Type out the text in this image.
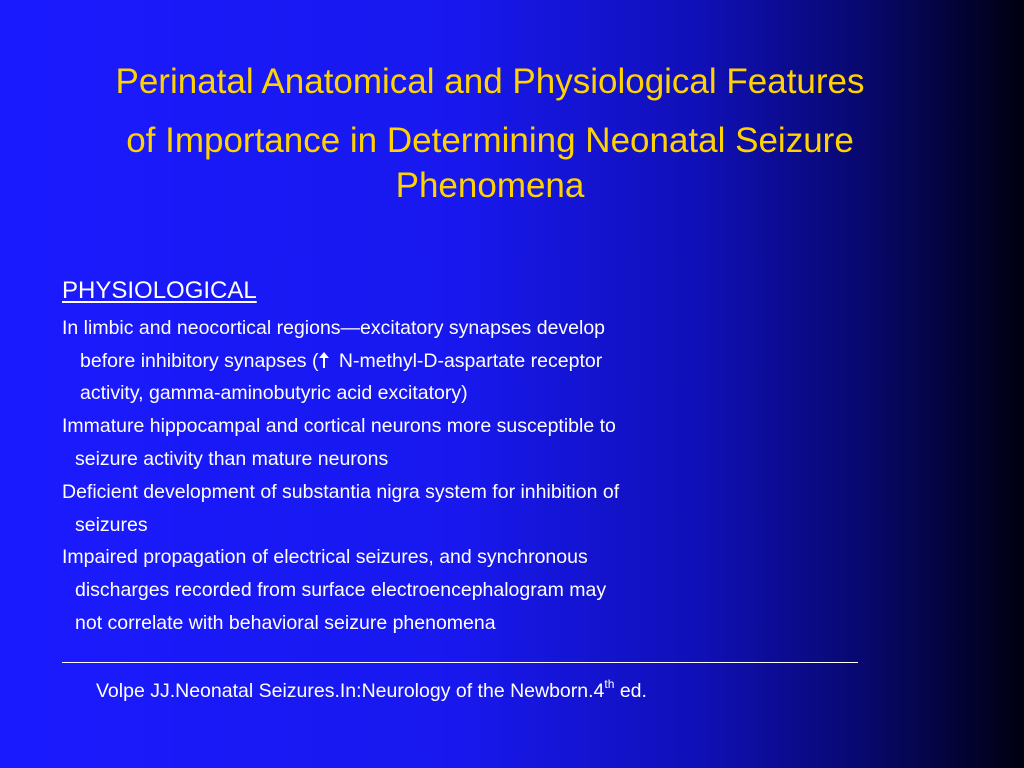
Perinatal Anatomical and Physiological Features
of Importance in Determining Neonatal Seizure
Phenomena
PHYSIOLOGICAL
In limbic and neocortical regions—excitatory synapses develop
before inhibitory synapses (
N-methyl-D-aspartate receptor
activity, gamma-aminobutyric acid excitatory)
Immature hippocampal and cortical neurons more susceptible to
seizure activity than mature neurons
Deficient development of substantia nigra system for inhibition of
seizures
Impaired propagation of electrical seizures, and synchronous
discharges recorded from surface electroencephalogram may
not correlate with behavioral seizure phenomena
Volpe JJ.Neonatal Seizures.In:Neurology of the Newborn.4th ed.
